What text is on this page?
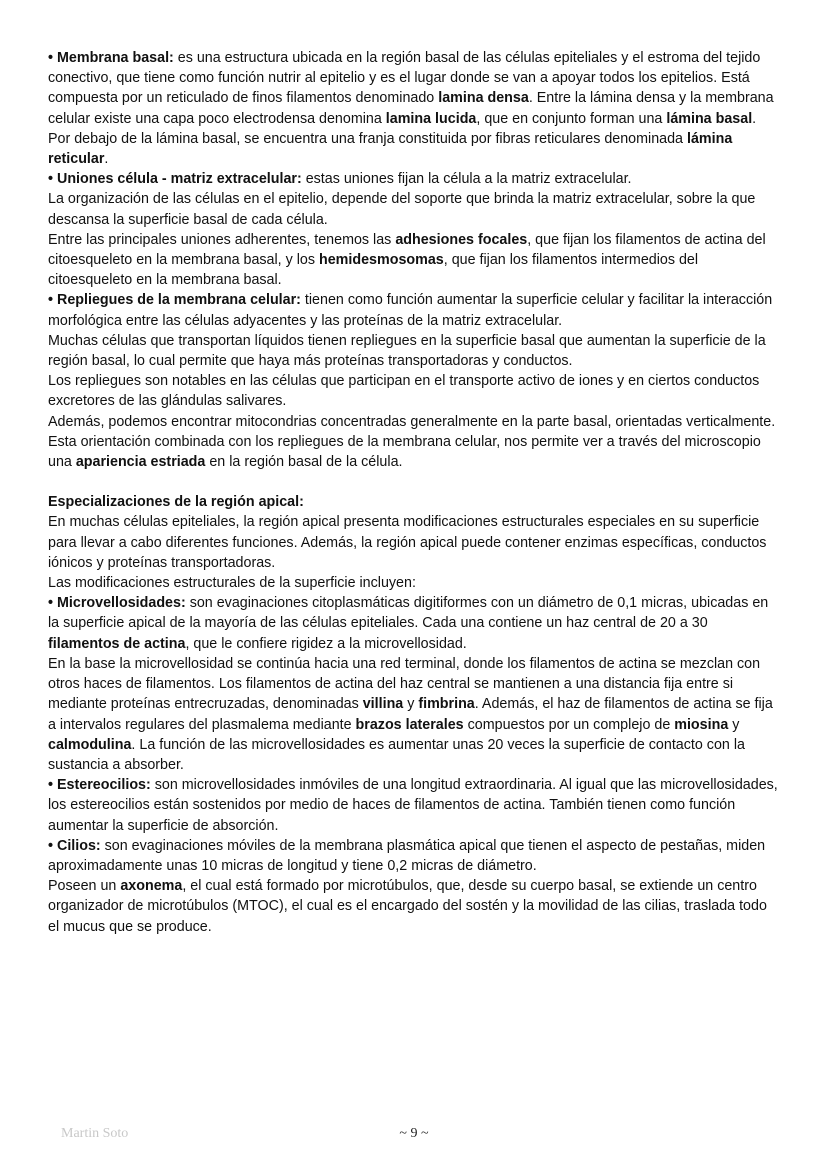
• Membrana basal: es una estructura ubicada en la región basal de las células epiteliales y el estroma del tejido conectivo, que tiene como función nutrir al epitelio y es el lugar donde se van a apoyar todos los epitelios. Está compuesta por un reticulado de finos filamentos denominado lamina densa. Entre la lámina densa y la membrana celular existe una capa poco electrodensa denomina lamina lucida, que en conjunto forman una lámina basal. Por debajo de la lámina basal, se encuentra una franja constituida por fibras reticulares denominada lámina reticular.

• Uniones célula - matriz extracelular: estas uniones fijan la célula a la matriz extracelular.

La organización de las células en el epitelio, depende del soporte que brinda la matriz extracelular, sobre la que descansa la superficie basal de cada célula.

Entre las principales uniones adherentes, tenemos las adhesiones focales, que fijan los filamentos de actina del citoesqueleto en la membrana basal, y los hemidesmosomas, que fijan los filamentos intermedios del citoesqueleto en la membrana basal.

• Repliegues de la membrana celular: tienen como función aumentar la superficie celular y facilitar la interacción morfológica entre las células adyacentes y las proteínas de la matriz extracelular.

Muchas células que transportan líquidos tienen repliegues en la superficie basal que aumentan la superficie de la región basal, lo cual permite que haya más proteínas transportadoras y conductos.

Los repliegues son notables en las células que participan en el transporte activo de iones y en ciertos conductos excretores de las glándulas salivares.

Además, podemos encontrar mitocondrias concentradas generalmente en la parte basal, orientadas verticalmente. Esta orientación combinada con los repliegues de la membrana celular, nos permite ver a través del microscopio una apariencia estriada en la región basal de la célula.

Especializaciones de la región apical:

En muchas células epiteliales, la región apical presenta modificaciones estructurales especiales en su superficie para llevar a cabo diferentes funciones. Además, la región apical puede contener enzimas específicas, conductos iónicos y proteínas transportadoras.

Las modificaciones estructurales de la superficie incluyen:

• Microvellosidades: son evaginaciones citoplasmáticas digitiformes con un diámetro de 0,1 micras, ubicadas en la superficie apical de la mayoría de las células epiteliales. Cada una contiene un haz central de 20 a 30 filamentos de actina, que le confiere rigidez a la microvellosidad.

En la base la microvellosidad se continúa hacia una red terminal, donde los filamentos de actina se mezclan con otros haces de filamentos. Los filamentos de actina del haz central se mantienen a una distancia fija entre si mediante proteínas entrecruzadas, denominadas villina y fimbrina. Además, el haz de filamentos de actina se fija a intervalos regulares del plasmalema mediante brazos laterales compuestos por un complejo de miosina y calmodulina. La función de las microvellosidades es aumentar unas 20 veces la superficie de contacto con la sustancia a absorber.

• Estereocilios: son microvellosidades inmóviles de una longitud extraordinaria. Al igual que las microvellosidades, los estereocilios están sostenidos por medio de haces de filamentos de actina. También tienen como función aumentar la superficie de absorción.

• Cilios: son evaginaciones móviles de la membrana plasmática apical que tienen el aspecto de pestañas, miden aproximadamente unas 10 micras de longitud y tiene 0,2 micras de diámetro.

Poseen un axonema, el cual está formado por microtúbulos, que, desde su cuerpo basal, se extiende un centro organizador de microtúbulos (MTOC), el cual es el encargado del sostén y la movilidad de las cilias, traslada todo el mucus que se produce.

Martin Soto	~ 9 ~
